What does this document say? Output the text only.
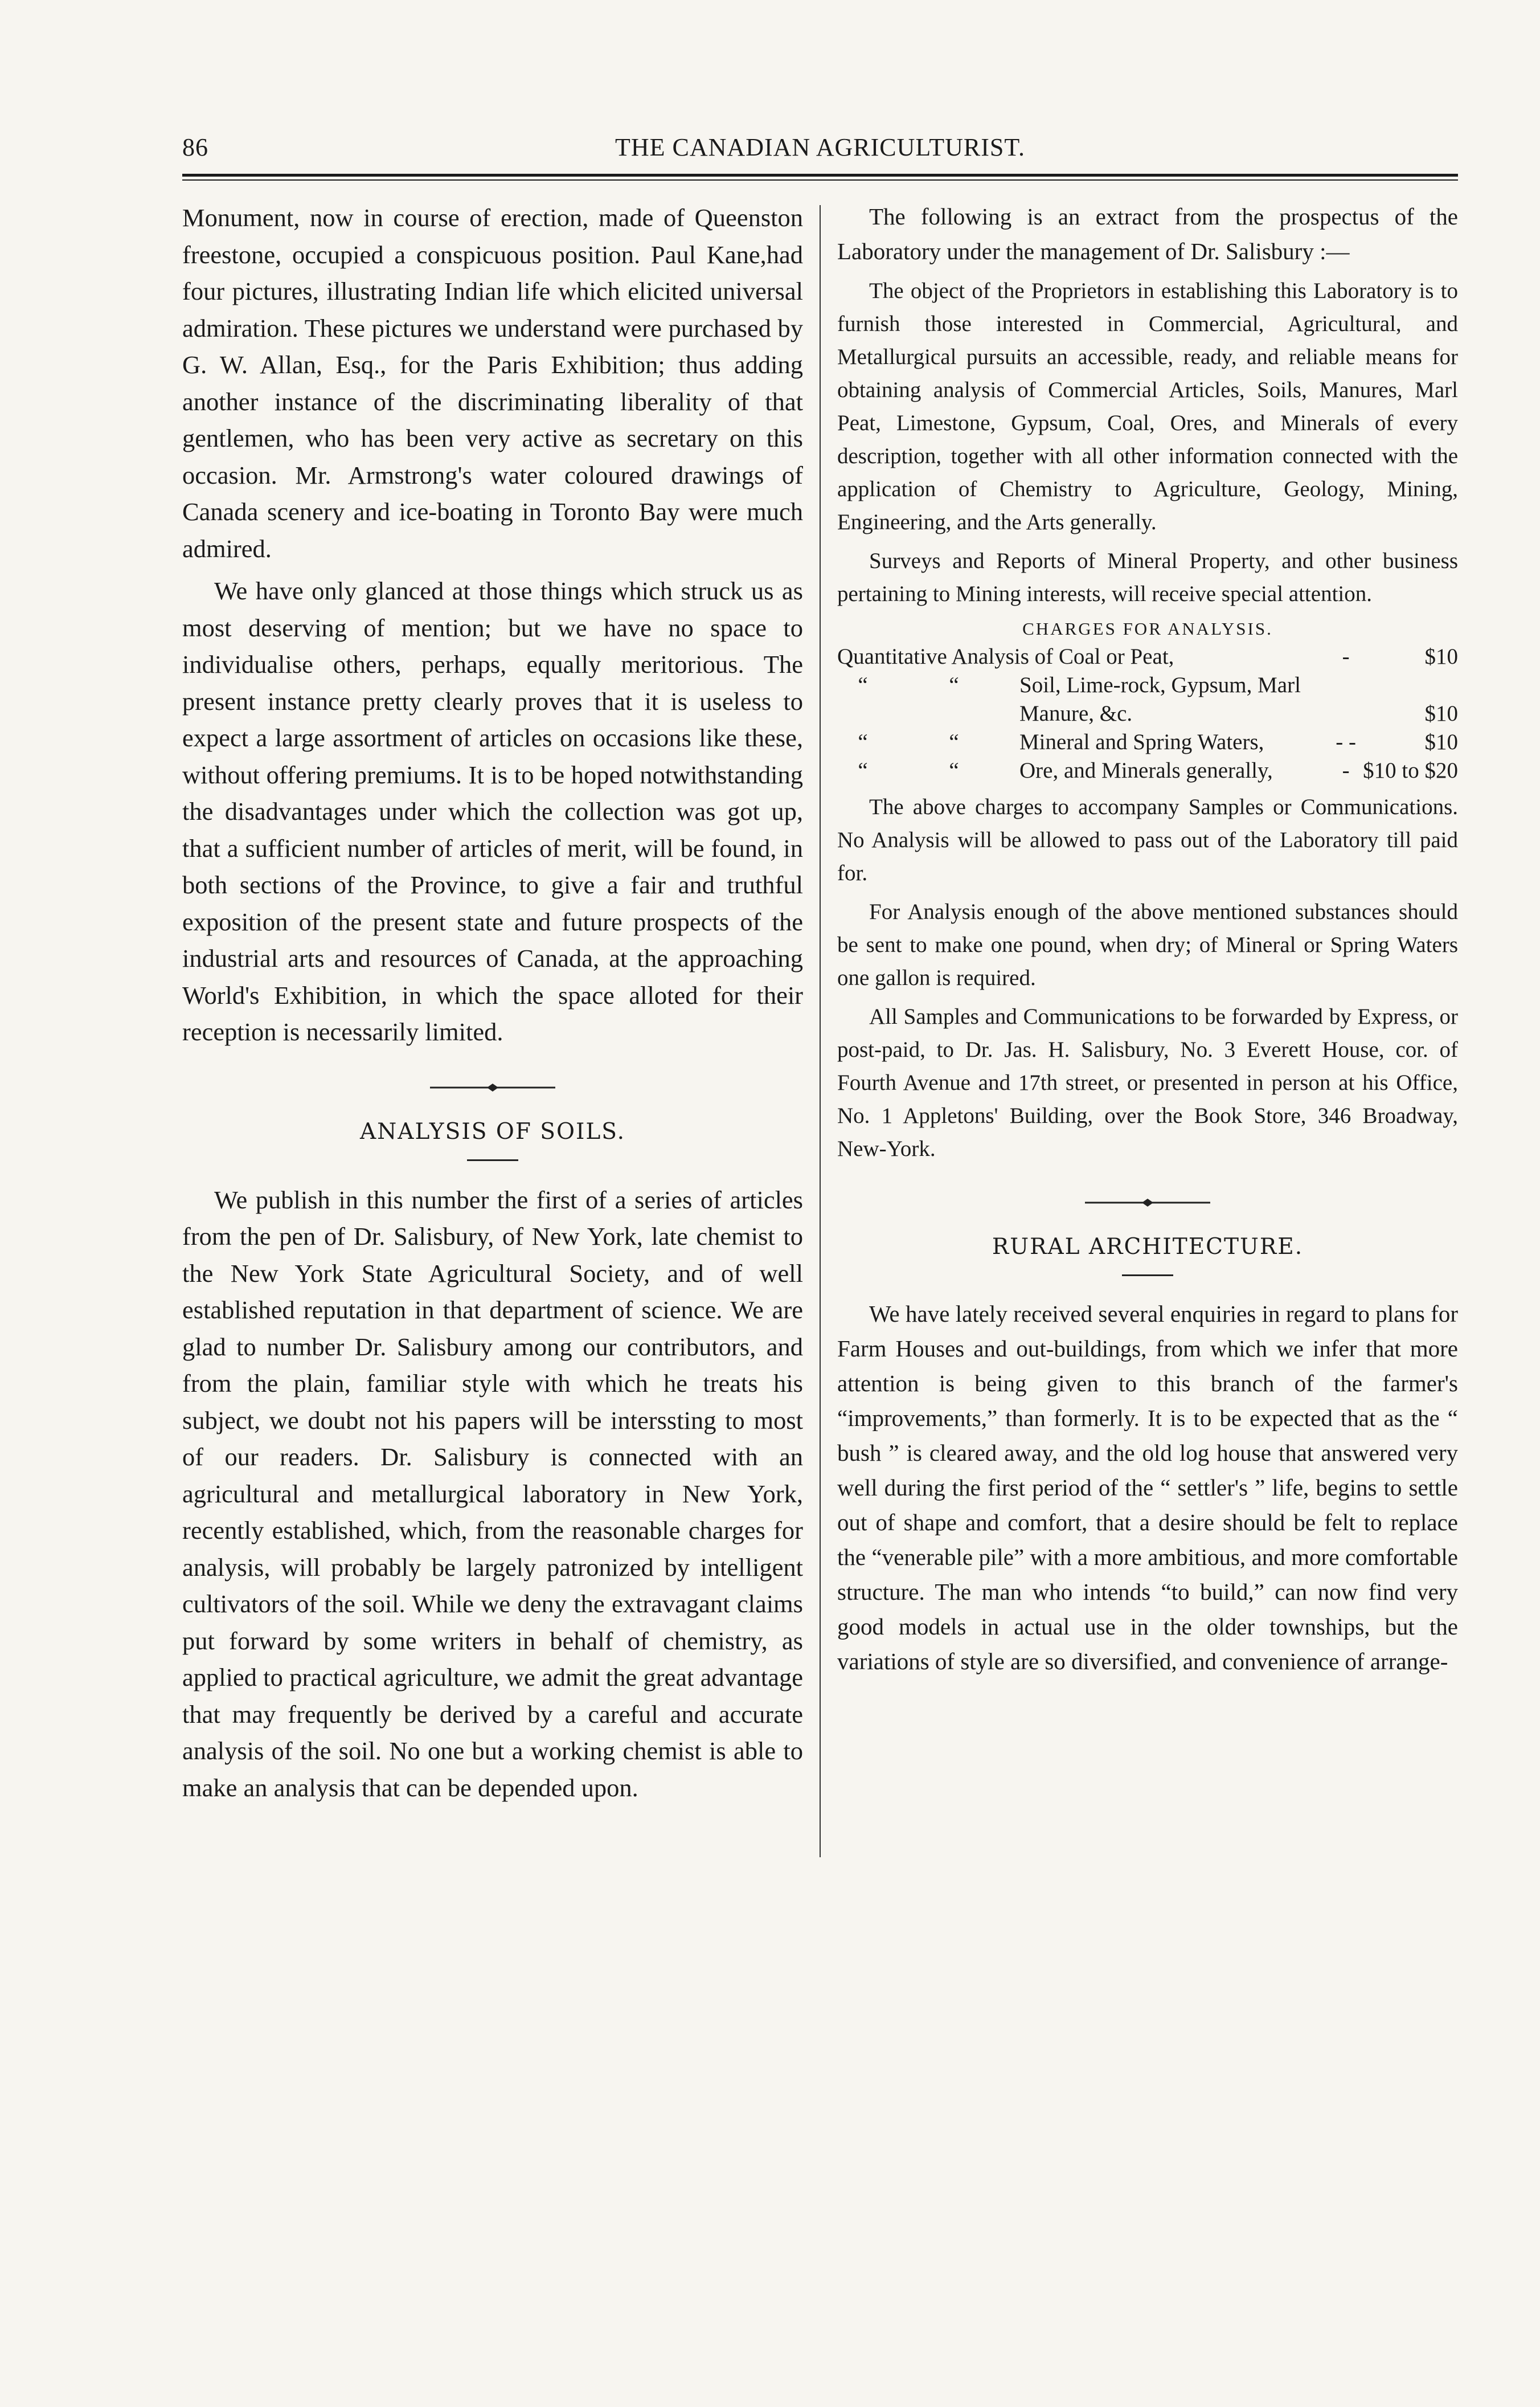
86	THE CANADIAN AGRICULTURIST.

Monument, now in course of erection, made of Queenston freestone, occupied a conspicuous position. Paul Kane,had four pictures, illustrating Indian life which elicited universal admiration. These pictures we understand were purchased by G. W. Allan, Esq., for the Paris Exhibition; thus adding another instance of the discriminating liberality of that gentlemen, who has been very active as secretary on this occasion. Mr. Armstrong's water coloured drawings of Canada scenery and ice-boating in Toronto Bay were much admired.

We have only glanced at those things which struck us as most deserving of mention; but we have no space to individualise others, perhaps, equally meritorious. The present instance pretty clearly proves that it is useless to expect a large assortment of articles on occasions like these, without offering premiums. It is to be hoped notwithstanding the disadvantages under which the collection was got up, that a sufficient number of articles of merit, will be found, in both sections of the Province, to give a fair and truthful exposition of the present state and future prospects of the industrial arts and resources of Canada, at the approaching World's Exhibition, in which the space alloted for their reception is necessarily limited.

ANALYSIS OF SOILS.

We publish in this number the first of a series of articles from the pen of Dr. Salisbury, of New York, late chemist to the New York State Agricultural Society, and of well established reputation in that department of science. We are glad to number Dr. Salisbury among our contributors, and from the plain, familiar style with which he treats his subject, we doubt not his papers will be interssting to most of our readers. Dr. Salisbury is connected with an agricultural and metallurgical laboratory in New York, recently established, which, from the reasonable charges for analysis, will probably be largely patronized by intelligent cultivators of the soil. While we deny the extravagant claims put forward by some writers in behalf of chemistry, as applied to practical agriculture, we admit the great advantage that may frequently be derived by a careful and accurate analysis of the soil. No one but a working chemist is able to make an analysis that can be depended upon.

The following is an extract from the prospectus of the Laboratory under the management of Dr. Salisbury :—

The object of the Proprietors in establishing this Laboratory is to furnish those interested in Commercial, Agricultural, and Metallurgical pursuits an accessible, ready, and reliable means for obtaining analysis of Commercial Articles, Soils, Manures, Marl Peat, Limestone, Gypsum, Coal, Ores, and Minerals of every description, together with all other information connected with the application of Chemistry to Agriculture, Geology, Mining, Engineering, and the Arts generally.

Surveys and Reports of Mineral Property, and other business pertaining to Mining interests, will receive special attention.

CHARGES FOR ANALYSIS.
Quantitative Analysis of Coal or Peat,			-	$10
“	“	Soil, Lime-rock, Gypsum, Marl Manure, &c.		$10
“	“	Mineral and Spring Waters,	- -	$10
“	“	Ore, and Minerals generally,	-	$10 to $20

The above charges to accompany Samples or Communications. No Analysis will be allowed to pass out of the Laboratory till paid for.

For Analysis enough of the above mentioned substances should be sent to make one pound, when dry; of Mineral or Spring Waters one gallon is required.

All Samples and Communications to be forwarded by Express, or post-paid, to Dr. Jas. H. Salisbury, No. 3 Everett House, cor. of Fourth Avenue and 17th street, or presented in person at his Office, No. 1 Appletons' Building, over the Book Store, 346 Broadway, New-York.

RURAL ARCHITECTURE.

We have lately received several enquiries in regard to plans for Farm Houses and out-buildings, from which we infer that more attention is being given to this branch of the farmer's “improvements,” than formerly. It is to be expected that as the “ bush ” is cleared away, and the old log house that answered very well during the first period of the “ settler's ” life, begins to settle out of shape and comfort, that a desire should be felt to replace the “venerable pile” with a more ambitious, and more comfortable structure. The man who intends “to build,” can now find very good models in actual use in the older townships, but the variations of style are so diversified, and convenience of arrange-
